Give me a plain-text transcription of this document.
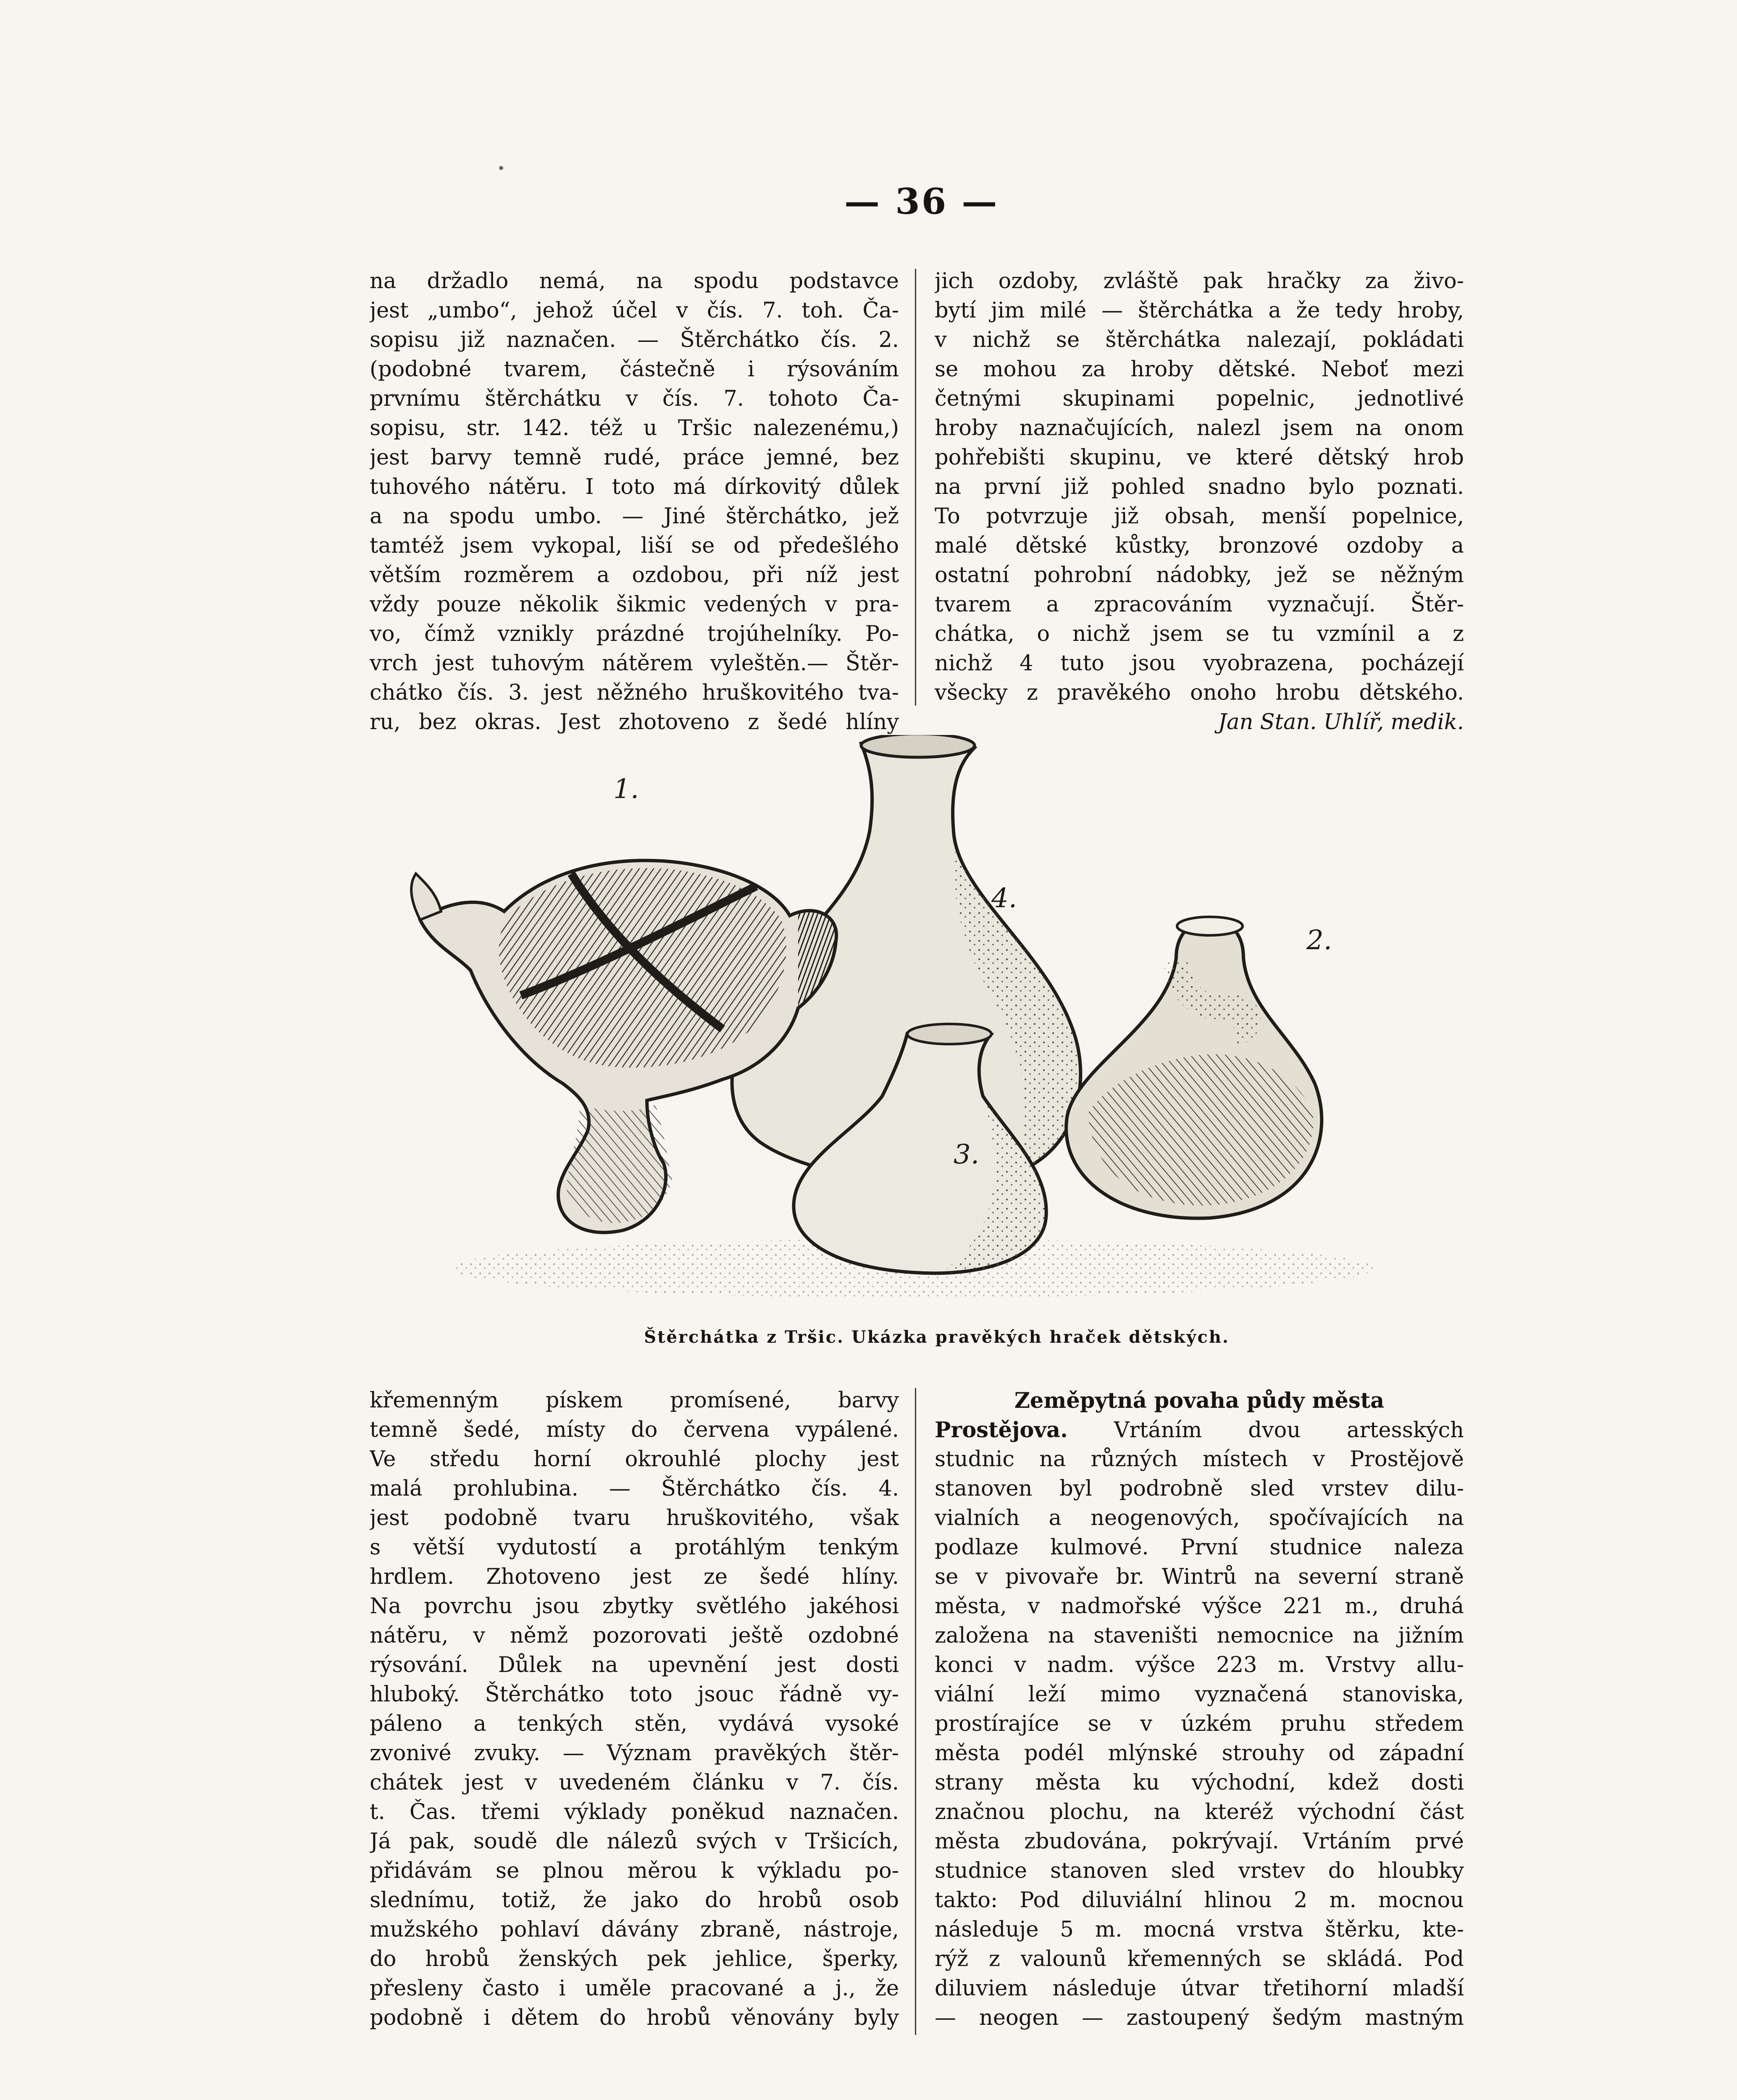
— 36 —
na držadlo nemá, na spodu podstavce
jest „umbo“, jehož účel v čís. 7. toh. Ča-
sopisu již naznačen. — Štěrchátko čís. 2.
(podobné tvarem, částečně i rýsováním
prvnímu štěrchátku v čís. 7. tohoto Ča-
sopisu, str. 142. též u Tršic nalezenému,)
jest barvy temně rudé, práce jemné, bez
tuhového nátěru. I toto má dírkovitý důlek
a na spodu umbo. — Jiné štěrchátko, jež
tamtéž jsem vykopal, liší se od předešlého
větším rozměrem a ozdobou, při níž jest
vždy pouze několik šikmic vedených v pra-
vo, čímž vznikly prázdné trojúhelníky. Po-
vrch jest tuhovým nátěrem vyleštěn.— Štěr-
chátko čís. 3. jest něžného hruškovitého tva-
ru, bez okras. Jest zhotoveno z šedé hlíny
jich ozdoby, zvláště pak hračky za živo-
bytí jim milé — štěrchátka a že tedy hroby,
v nichž se štěrchátka nalezají, pokládati
se mohou za hroby dětské. Neboť mezi
četnými skupinami popelnic, jednotlivé
hroby naznačujících, nalezl jsem na onom
pohřebišti skupinu, ve které dětský hrob
na první již pohled snadno bylo poznati.
To potvrzuje již obsah, menší popelnice,
malé dětské kůstky, bronzové ozdoby a
ostatní pohrobní nádobky, jež se něžným
tvarem a zpracováním vyznačují. Štěr-
chátka, o nichž jsem se tu vzmínil a z
nichž 4 tuto jsou vyobrazena, pocházejí
všecky z pravěkého onoho hrobu dětského.
Jan Stan. Uhlíř, medik.
1.
2.
3.
4.
Štěrchátka z Tršic. Ukázka pravěkých hraček dětských.
křemenným pískem promísené, barvy
temně šedé, místy do červena vypálené.
Ve středu horní okrouhlé plochy jest
malá prohlubina. — Štěrchátko čís. 4.
jest podobně tvaru hruškovitého, však
s větší vydutostí a protáhlým tenkým
hrdlem. Zhotoveno jest ze šedé hlíny.
Na povrchu jsou zbytky světlého jakéhosi
nátěru, v němž pozorovati ještě ozdobné
rýsování. Důlek na upevnění jest dosti
hluboký. Štěrchátko toto jsouc řádně vy-
páleno a tenkých stěn, vydává vysoké
zvonivé zvuky. — Význam pravěkých štěr-
chátek jest v uvedeném článku v 7. čís.
t. Čas. třemi výklady poněkud naznačen.
Já pak, soudě dle nálezů svých v Tršicích,
přidávám se plnou měrou k výkladu po-
slednímu, totiž, že jako do hrobů osob
mužského pohlaví dávány zbraně, nástroje,
do hrobů ženských pek jehlice, šperky,
přesleny často i uměle pracované a j., že
podobně i dětem do hrobů věnovány byly
Zeměpytná povaha půdy města
Prostějova. Vrtáním dvou artesských
studnic na různých místech v Prostějově
stanoven byl podrobně sled vrstev dilu-
vialních a neogenových, spočívajících na
podlaze kulmové. První studnice naleza
se v pivovaře br. Wintrů na severní straně
města, v nadmořské výšce 221 m., druhá
založena na staveništi nemocnice na jižním
konci v nadm. výšce 223 m. Vrstvy allu-
viální leží mimo vyznačená stanoviska,
prostírajíce se v úzkém pruhu středem
města podél mlýnské strouhy od západní
strany města ku východní, kdež dosti
značnou plochu, na kteréž východní část
města zbudována, pokrývají. Vrtáním prvé
studnice stanoven sled vrstev do hloubky
takto: Pod diluviální hlinou 2 m. mocnou
následuje 5 m. mocná vrstva štěrku, kte-
rýž z valounů křemenných se skládá. Pod
diluviem následuje útvar třetihorní mladší
— neogen — zastoupený šedým mastným
